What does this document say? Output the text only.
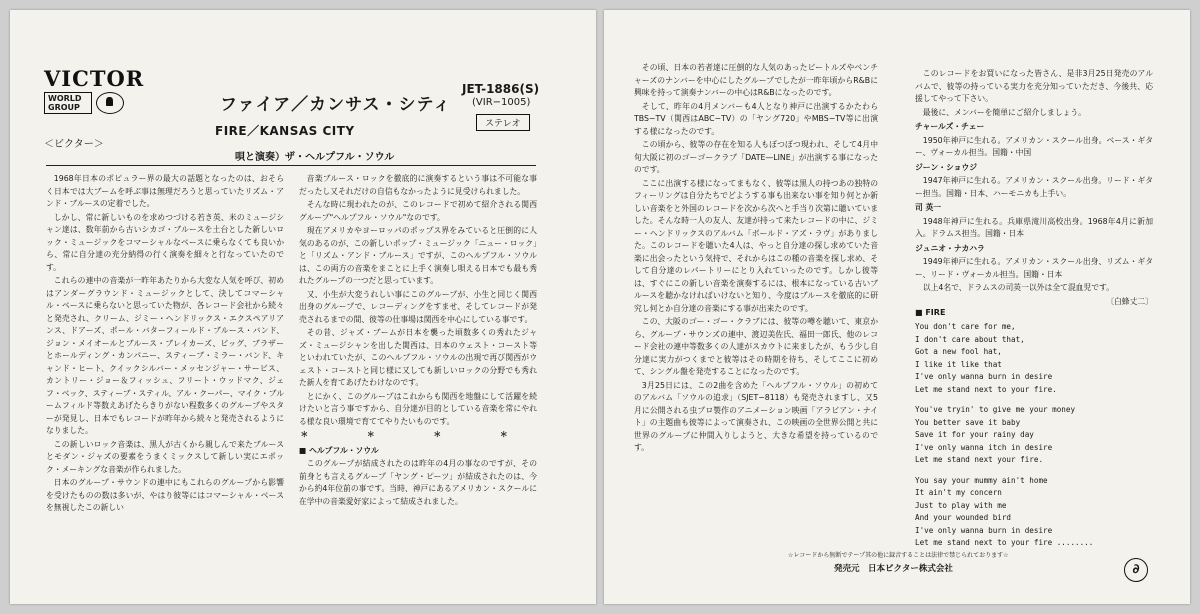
VICTOR
WORLD GROUP
＜ビクター＞
ファイア／カンサス・シティ
FIRE／KANSAS CITY
JET-1886(S)
(VIR−1005)
ステレオ
唄と演奏）ザ・ヘルプフル・ソウル

1968年日本のポピュラー界の最大の話題となったのは、おそらく日本では大ブームを呼ぶ事は無理だろうと思っていたリズム・アンド・ブルースの定着でした。

しかし、常に新しいものを求めつづける若き英、米のミュージシャン達は、数年前から古いシカゴ・ブルースを土台とした新しいロック・ミュージックをコマーシャルなベースに乗らなくても良いから、常に自分達の充分納得の行く演奏を細々と行なっていたのです。

これらの連中の音楽が一昨年あたりから大変な人気を呼び、初めはアンダーグラウンド・ミュージックとして、決してコマーシャル・ベースに乗らないと思っていた物が、各レコード会社から続々と発売され、クリーム、ジミー・ヘンドリックス・エクスペアリアンス、ドアーズ、ポール・バターフィールド・ブルース・バンド、ジョン・メイオールとブルース・ブレイカーズ、ビッグ、ブラザーとホールディング・カンパニー、スティーブ・ミラー・バンド、キャンド・ヒート、クイックシルバー・メッセンジャー・サービス、カントリー・ジョー＆フィッシュ、フリート・ウッドマク、ジェフ・ベック、スティーブ・スティル、アル・クーパー、マイク・ブルームフィルド等数えあげたらきりがない程数多くのグループやスターが発見し、日本でもレコードが昨年から続々と発売されるようになりました。

この新しいロック音楽は、黒人が古くから親しんで来たブルースとモダン・ジャズの要素をうまくミックスして新しい実にエポック・メーキングな音楽が作られました。

日本のグループ・サウンドの連中にもこれらのグループから影響を受けたものの数は多いが、やはり彼等にはコマーシャル・ベースを無視したこの新しい

音楽ブルース・ロックを徹底的に演奏するという事は不可能な事だったし又それだけの自信もなかったように見受けられました。

そんな時に現われたのが、このレコードで初めて紹介される関西グループ"ヘルプフル・ソウル"なのです。

現在アメリカやヨーロッパのポップス界をみていると圧倒的に人気のあるのが、この新しいポップ・ミュージック「ニュー・ロック」と「リズム・アンド・ブルース」ですが、このヘルプフル・ソウルは、この両方の音楽をまことに上手く演奏し唄える日本でも最も秀れたグループの一つだと思っています。

又、小生が大変うれしい事にこのグループが、小生と同じく関西出身のグループで、レコーディングをすませ、そしてレコードが発売されるまでの間、彼等の仕事場は関西を中心にしている事です。

その昔、ジャズ・ブームが日本を襲った頃数多くの秀れたジャズ・ミュージシャンを出した関西は、日本のウェスト・コースト等といわれていたが、このヘルプフル・ソウルの出現で再び関西がウェスト・コーストと同じ様に又しても新しいロックの分野でも秀れた新人を育てあげたわけなのです。

とにかく、このグループはこれからも関西を地盤にして活躍を続けたいと言う事ですから、自分達が目的としている音楽を常にやれる様な良い環境で育ててやりたいものです。

＊ ＊ ＊ ＊

■ ヘルプフル・ソウル

このグループが結成されたのは昨年の4月の事なのですが、その前身とも言えるグループ「ヤング・ピーツ」が結成されたのは、今から約4年位前の事です。当時、神戸にあるアメリカン・スクールに在学中の音楽愛好家によって結成されました。

その頃、日本の若者達に圧倒的な人気のあったビートルズやベンチャーズのナンバーを中心にしたグループでしたが一昨年頃からR&Bに興味を持って演奏ナンバーの中心はR&Bになったのです。

そして、昨年の4月メンバーも4人となり神戸に出演するかたわらTBS−TV（関西はABC−TV）の「ヤング720」やMBS−TV等に出演する様になったのです。

この頃から、彼等の存在を知る人もぼつぼつ現われ、そして4月中旬大阪に初のゴーゴークラブ「DATE—LINE」が出演する事になったのです。

ここに出演する様になってまもなく、彼等は黒人の持つあの独特のフィーリングは自分たちでどようする事も出来ない事を知り何とか新しい音楽をと外国のレコードを次から次へと手当り次第に聴いていました。そんな時一人の友人、友達が持って来たレコードの中に、ジミー・ヘンドリックスのアルバム「ボールド・アズ・ラヴ」がありました。このレコードを聴いた4人は、やっと自分達の探し求めていた音楽に出会ったという気持で、それからはこの種の音楽を探し求め、そして自分達のレパートリーにとり入れていったのです。しかし彼等は、すぐにこの新しい音楽を演奏するには、根本になっている古いブルースを聴かなければいけないと知り、今度はブルースを徹底的に研究し何とか自分達の音楽にする事が出来たのです。

この、大阪のゴー・ゴー・クラブには、彼等の噂を聴いて、東京から、グループ・サウンズの連中、渡辺美佐氏、福田一郎氏、他のレコード会社の連中等数多くの人達がスカウトに来ましたが、もう少し自分達に実力がつくまでと彼等はその時期を待ち、そしてここに初めて、シングル盤を発売することになったのです。

3月25日には、この2曲を含めた「ヘルプフル・ソウル」の初めてのアルバム「ソウルの追求」（SJET−8118）も発売されますし、又5月に公開される虫プロ製作のアニメーション映画「アラビアン・ナイト」の主題曲も彼等によって演奏され、この映画の全世界公開と共に世界のグループに仲間入りしようと、大きな希望を持っているのです。

このレコードをお買いになった皆さん、是非3月25日発売のアルバムで、彼等の持っている実力を充分知っていただき、今後共、応援してやって下さい。

最後に、メンバーを簡単にご紹介しましょう。

チャールズ・チェー

1950年神戸に生れる。アメリカン・スクール出身。ベース・ギター、ヴォーカル担当。国籍・中国

ジーン・ショウジ

1947年神戸に生れる。アメリカン・スクール出身。リード・ギター担当。国籍・日本、ハーモニカも上手い。

司 英一

1948年神戸に生れる。兵庫県滝川高校出身。1968年4月に新加入。ドラムス担当。国籍・日本

ジュニオ・ナカハラ

1949年神戸に生れる。アメリカン・スクール出身、リズム・ギター、リード・ヴォーカル担当。国籍・日本

以上4名で、ドラムスの司英一以外は全て混血児です。

〔白蜂丈二〕

■ FIRE
You don't care for me,
I don't care about that,
Got a new fool hat,
I like it like that
I've only wanna burn in desire
Let me stand next to your fire.
You've tryin' to give me your money
You better save it baby
Save it for your rainy day
I've only wanna itch in desire
Let me stand next your fire.
You say your mummy ain't home
It ain't my concern
Just to play with me
And your wounded bird
I've only wanna burn in desire
Let me stand next to your fire ........
☆レコードから無断でテープ其の他に録音することは法律で禁じられております☆
発売元　日本ビクター株式会社	∂
